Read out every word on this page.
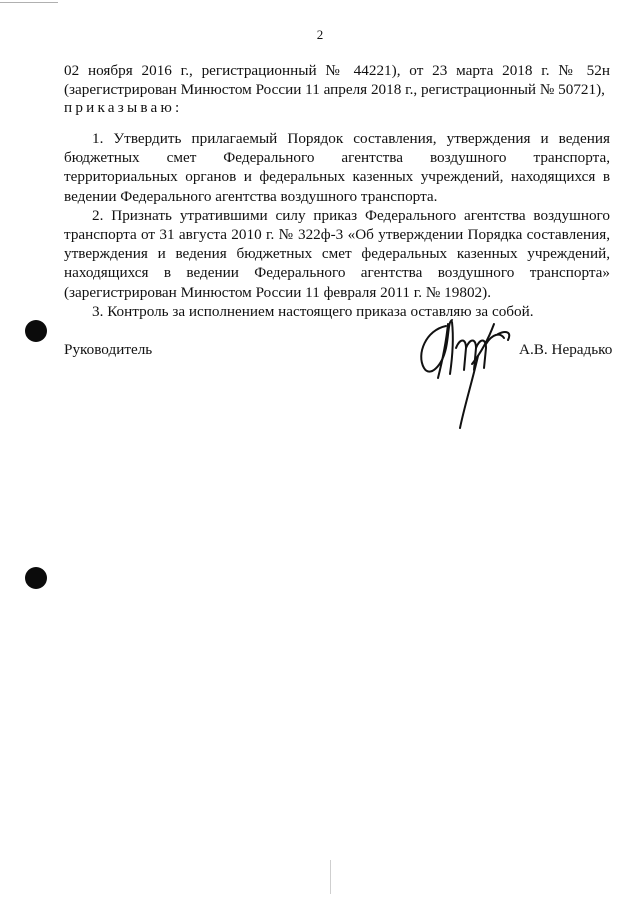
2
02 ноября 2016 г., регистрационный № 44221), от 23 марта 2018 г. № 52н (зарегистрирован Минюстом России 11 апреля 2018 г., регистрационный № 50721),
приказываю:

1. Утвердить прилагаемый Порядок составления, утверждения и ведения бюджетных смет Федерального агентства воздушного транспорта, территориальных органов и федеральных казенных учреждений, находящихся в ведении Федерального агентства воздушного транспорта.

2. Признать утратившими силу приказ Федерального агентства воздушного транспорта от 31 августа 2010 г. № 322ф-3 «Об утверждении Порядка составления, утверждения и ведения бюджетных смет федеральных казенных учреждений, находящихся в ведении Федерального агентства воздушного транспорта» (зарегистрирован Минюстом России 11 февраля 2011 г. № 19802).

3. Контроль за исполнением настоящего приказа оставляю за собой.

Руководитель	А.В. Нерадько
